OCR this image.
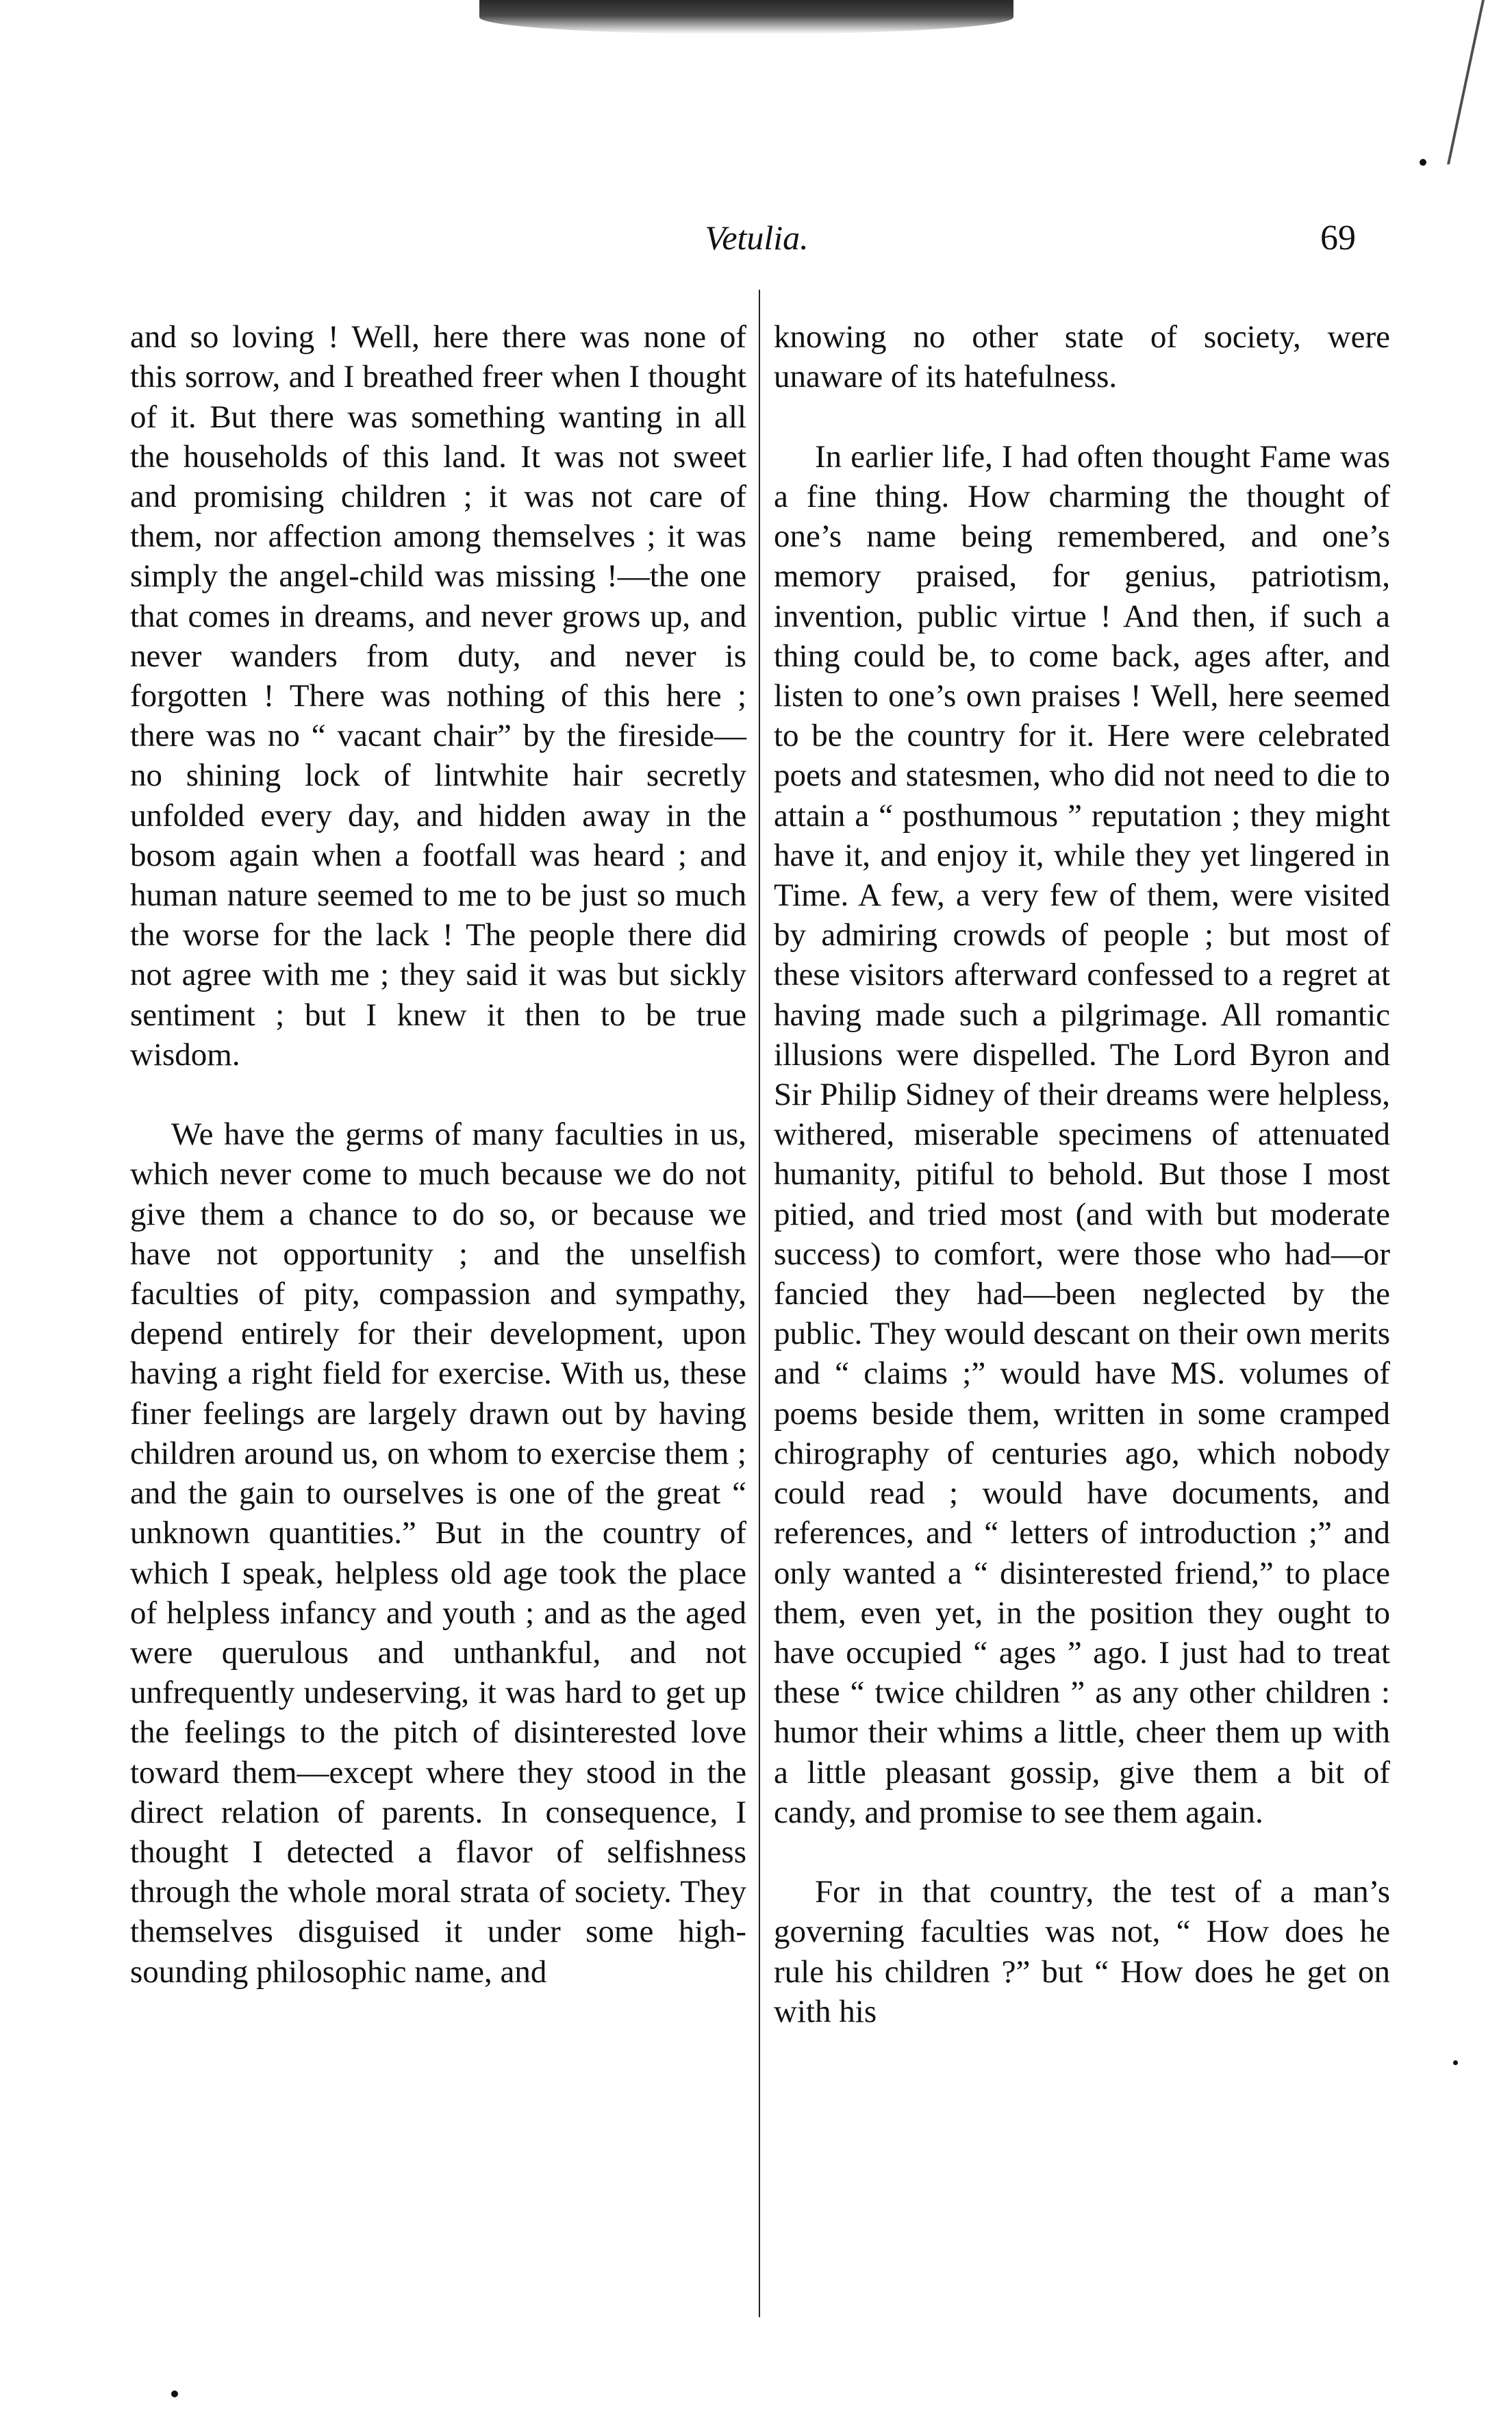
Vetulia.	69

and so loving ! Well, here there was none of this sorrow, and I breathed freer when I thought of it. But there was something wanting in all the households of this land. It was not sweet and promising children ; it was not care of them, nor affection among themselves ; it was simply the angel-child was missing !—the one that comes in dreams, and never grows up, and never wanders from duty, and never is forgotten ! There was nothing of this here ; there was no “ vacant chair” by the fireside— no shining lock of lintwhite hair secretly unfolded every day, and hidden away in the bosom again when a footfall was heard ; and human nature seemed to me to be just so much the worse for the lack ! The people there did not agree with me ; they said it was but sickly sentiment ; but I knew it then to be true wisdom.

We have the germs of many faculties in us, which never come to much because we do not give them a chance to do so, or because we have not opportunity ; and the unselfish faculties of pity, compassion and sympathy, depend entirely for their development, upon having a right field for exercise. With us, these finer feelings are largely drawn out by having children around us, on whom to exercise them ; and the gain to ourselves is one of the great “ unknown quantities.” But in the country of which I speak, helpless old age took the place of helpless infancy and youth ; and as the aged were querulous and unthankful, and not unfrequently undeserving, it was hard to get up the feelings to the pitch of disinterested love toward them—except where they stood in the direct relation of parents. In consequence, I thought I detected a flavor of selfishness through the whole moral strata of society. They themselves disguised it under some high-sounding philosophic name, and

knowing no other state of society, were unaware of its hatefulness.

In earlier life, I had often thought Fame was a fine thing. How charming the thought of one’s name being remembered, and one’s memory praised, for genius, patriotism, invention, public virtue ! And then, if such a thing could be, to come back, ages after, and listen to one’s own praises ! Well, here seemed to be the country for it. Here were celebrated poets and statesmen, who did not need to die to attain a “ posthumous ” reputation ; they might have it, and enjoy it, while they yet lingered in Time. A few, a very few of them, were visited by admiring crowds of people ; but most of these visitors afterward confessed to a regret at having made such a pilgrimage. All romantic illusions were dispelled. The Lord Byron and Sir Philip Sidney of their dreams were helpless, withered, miserable specimens of attenuated humanity, pitiful to behold. But those I most pitied, and tried most (and with but moderate success) to comfort, were those who had—or fancied they had—been neglected by the public. They would descant on their own merits and “ claims ;” would have MS. volumes of poems beside them, written in some cramped chirography of centuries ago, which nobody could read ; would have documents, and references, and “ letters of introduction ;” and only wanted a “ disinterested friend,” to place them, even yet, in the position they ought to have occupied “ ages ” ago. I just had to treat these “ twice children ” as any other children : humor their whims a little, cheer them up with a little pleasant gossip, give them a bit of candy, and promise to see them again.

For in that country, the test of a man’s governing faculties was not, “ How does he rule his children ?” but “ How does he get on with his
